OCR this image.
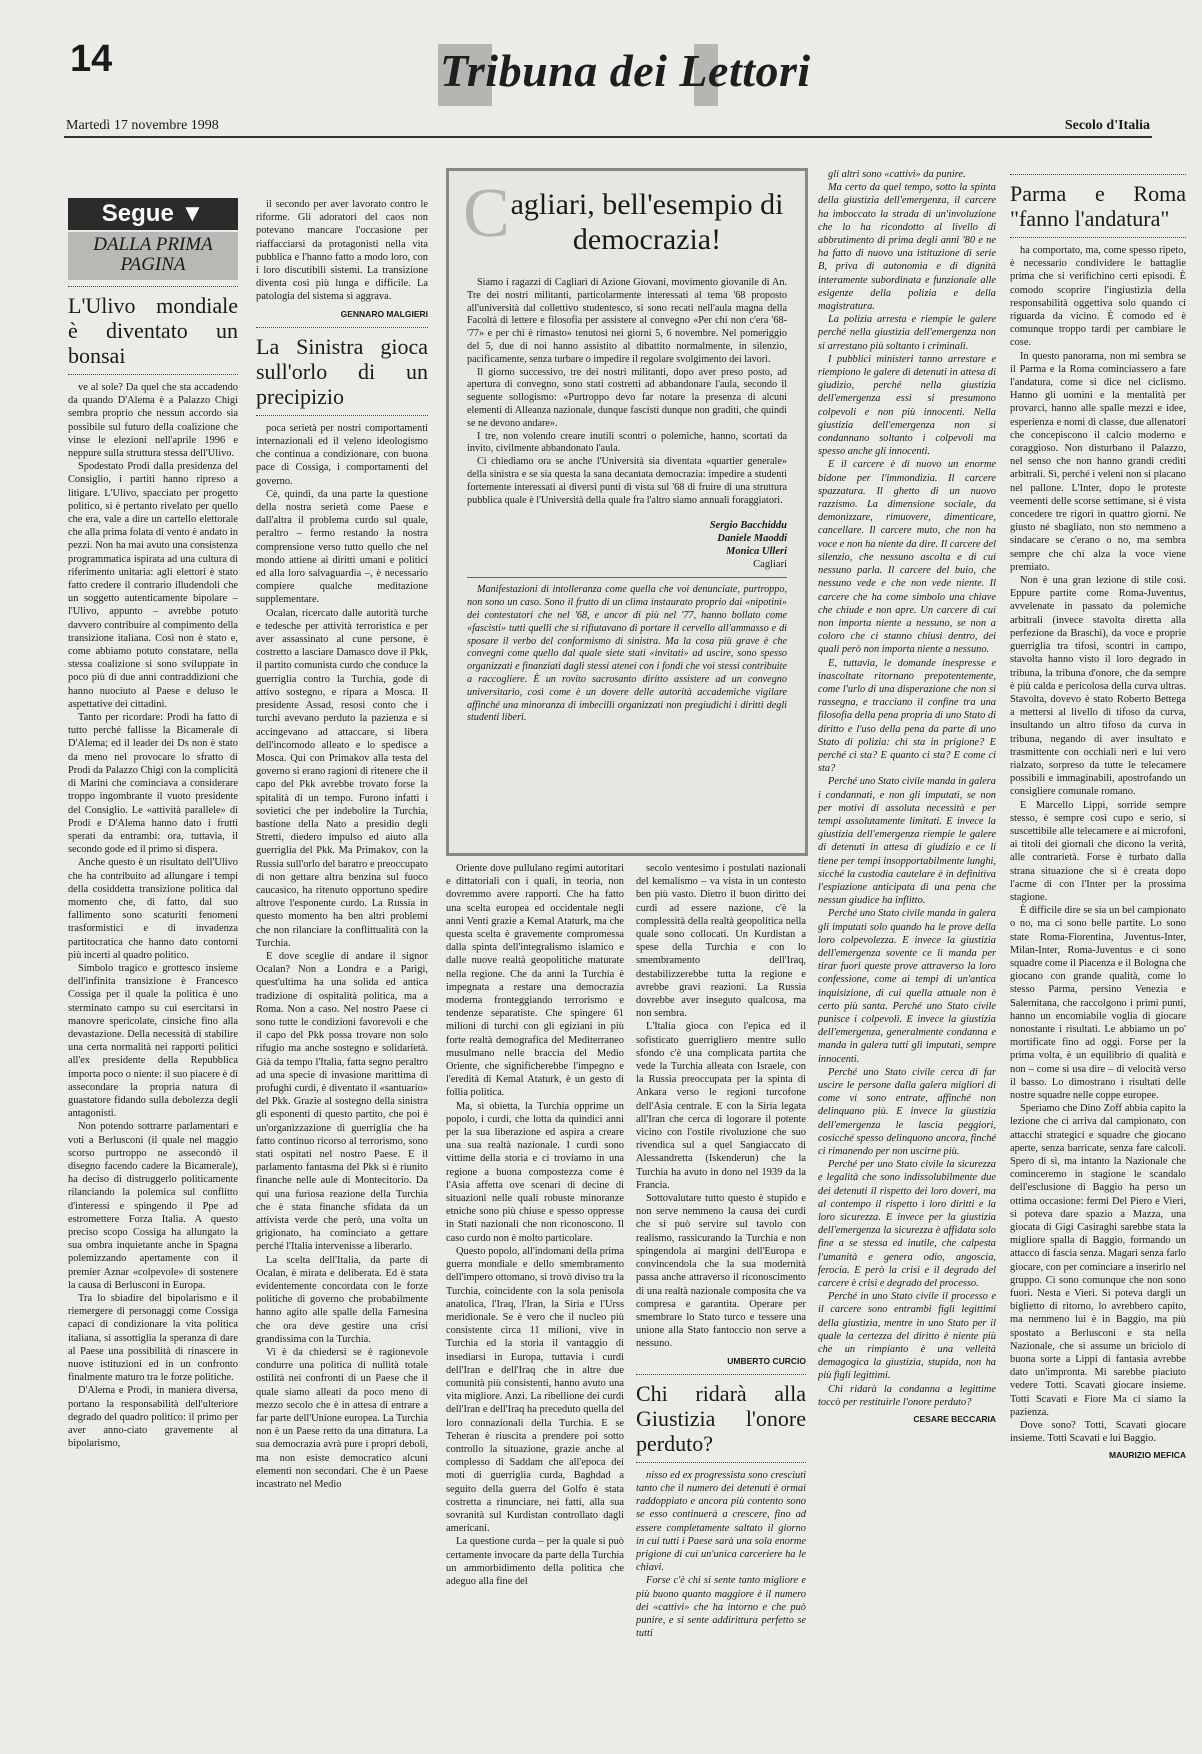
14	Tribuna dei Lettori
Martedì 17 novembre 1998	Secolo d'Italia
Segue ▼
DALLA PRIMA PAGINA
L'Ulivo mondiale è diventato un bonsai

ve al sole? Da quel che sta accadendo da quando D'Alema è a Palazzo Chigi sembra proprio che nessun accordo sia possibile sul futuro della coalizione che vinse le elezioni nell'aprile 1996 e neppure sulla struttura stessa dell'Ulivo.

Spodestato Prodi dalla presidenza del Consiglio, i partiti hanno ripreso a litigare. L'Ulivo, spacciato per progetto politico, si è pertanto rivelato per quello che era, vale a dire un cartello elettorale che alla prima folata di vento è andato in pezzi. Non ha mai avuto una consistenza programmatica ispirata ad una cultura di riferimento unitaria: agli elettori è stato fatto credere il contrario illudendoli che un soggetto autenticamente bipolare – l'Ulivo, appunto – avrebbe potuto davvero contribuire al compimento della transizione italiana. Così non è stato e, come abbiamo potuto constatare, nella stessa coalizione si sono sviluppate in poco più di due anni contraddizioni che hanno nuociuto al Paese e deluso le aspettative dei cittadini.

Tanto per ricordare: Prodi ha fatto di tutto perché fallisse la Bicamerale di D'Alema; ed il leader dei Ds non è stato da meno nel provocare lo sfratto di Prodi da Palazzo Chigi con la complicità di Marini che cominciava a considerare troppo ingombrante il vuoto presidente del Consiglio. Le «attività parallele» di Prodi e D'Alema hanno dato i frutti sperati da entrambi: ora, tuttavia, il secondo gode ed il primo si dispera.

Anche questo è un risultato dell'Ulivo che ha contribuito ad allungare i tempi della cosiddetta transizione politica dal momento che, di fatto, dal suo fallimento sono scaturiti fenomeni trasformistici e di invadenza partitocratica che hanno dato contorni più incerti al quadro politico.

Simbolo tragico e grottesco insieme dell'infinita transizione è Francesco Cossiga per il quale la politica è uno sterminato campo su cui esercitarsi in manovre spericolate, cinsiche fino alla devastazione. Della necessità di stabilire una certa normalità nei rapporti politici all'ex presidente della Repubblica importa poco o niente: il suo piacere è di assecondare la propria natura di guastatore fidando sulla debolezza degli antagonisti.

Non potendo sottrarre parlamentari e voti a Berlusconi (il quale nel maggio scorso purtroppo ne assecondò il disegno facendo cadere la Bicamerale), ha deciso di distruggerlo politicamente rilanciando la polemica sul conflitto d'interessi e spingendo il Ppe ad estrometterе Forza Italia. A questo preciso scopo Cossiga ha allungato la sua ombra inquietante anche in Spagna polemizzando apertamente con il premier Aznar «colpevole» di sostenere la causa di Berlusconi in Europa.

Tra lo sbiadire del bipolarismo e il riemergere di personaggi come Cossiga capaci di condizionare la vita politica italiana, si assottiglia la speranza di dare al Paese una possibilità di rinascere in nuove istituzioni ed in un confronto finalmente maturo tra le forze politiche.

D'Alema e Prodi, in maniera diversa, portano la responsabilità dell'ulteriore degrado del quadro politico: il primo per aver anno-ciato gravemente al bipolarismo,

il secondo per aver lavorato contro le riforme. Gli adoratori del caos non potevano mancare l'occasione per riaffacciarsi da protagonisti nella vita pubblica e l'hanno fatto a modo loro, con i loro discutibili sistemi. La transizione diventa così più lunga e difficile. La patologia del sistema si aggrava.

GENNARO MALGIERI
La Sinistra gioca sull'orlo di un precipizio

poca serietà per nostri comportamenti internazionali ed il veleno ideologismo che continua a condizionare, con buona pace di Cossiga, i comportamenti del governo.

Cè, quindi, da una parte la questione della nostra serietà come Paese e dall'altra il problema curdo sul quale, peraltro – fermo restando la nostra comprensione verso tutto quello che nel mondo attiene ai diritti umani e politici ed alla loro salvaguardia –, è necessario compiere qualche meditazione supplementare.

Ocalan, ricercato dalle autorità turche e tedesche per attività terroristica e per aver assassinato al cune persone, è costretto a lasciare Damasco dove il Pkk, il partito comunista curdo che conduce la guerriglia contro la Turchia, gode di attivo sostegno, e ripara a Mosca. Il presidente Assad, resosi conto che i turchi avevano perduto la pazienza e si accingevano ad attaccare, si libera dell'incomodo alleato e lo spedisce a Mosca. Qui con Primakov alla testa del governo si erano ragioni di ritenere che il capo del Pkk avrebbe trovato forse la spitalità di un tempo. Furono infatti i sovietici che per indebolire la Turchia, bastione della Nato a presidio degli Stretti, diedero impulso ed aiuto alla guerriglia del Pkk. Ma Primakov, con la Russia sull'orlo del baratro e preoccupato di non gettare altra benzina sul fuoco caucasico, ha ritenuto opportuno spedire altrove l'esponente curdo. La Russia in questo momento ha ben altri problemi che non rilanciare la conflittualità con la Turchia.

E dove sceglie di andare il signor Ocalan? Non a Londra e a Parigi, quest'ultima ha una solida ed antica tradizione di ospitalità politica, ma a Roma. Non a caso. Nel nostro Paese ci sono tutte le condizioni favorevoli e che il capo del Pkk possa trovare non solo rifugio ma anche sostegno e solidarietà. Già da tempo l'Italia, fatta segno peraltro ad una specie di invasione marittima di profughi curdi, è diventato il «santuario» del Pkk. Grazie al sostegno della sinistra gli esponenti di questo partito, che poi è un'organizzazione di guerriglia che ha fatto continuo ricorso al terrorismo, sono stati ospitati nel nostro Paese. E il parlamento fantasma del Pkk si è riunito finanche nelle aule di Montecitorio. Da qui una furiosa reazione della Turchia che è stata finanche sfidata da un attivista verde che però, una volta un grigionato, ha cominciato a gettare perché l'Italia intervenisse a liberarlo.

La scelta dell'Italia, da parte di Ocalan, è mirata e deliberata. Ed è stata evidentemente concordata con le forze politiche di governo che probabilmente hanno agito alle spalle della Farnesina che ora deve gestire una crisi grandissima con la Turchia.

Vi è da chiedersi se è ragionevole condurre una politica di nullità totale ostilità nei confronti di un Paese che il quale siamo alleati da poco meno di mezzo secolo che è in attesa di entrare a far parte dell'Unione europea. La Turchia non è un Paese retto da una dittatura. La sua democrazia avrà pure i propri deboli, ma non esiste democratico alcuni elementi non secondari. Che è un Paese incastrato nel Medio

C agliari, bell'esempio di democrazia!

Siamo i ragazzi di Cagliari di Azione Giovani, movimento giovanile di An. Tre dei nostri militanti, particolarmente interessati al tema '68 proposto all'università dal collettivo studentesco, si sono recati nell'aula magna della Facoltà di lettere e filosofia per assistere al convegno «Per chi non c'era '68-'77» e per chi è rimasto» tenutosi nei giorni 5, 6 novembre. Nel pomeriggio del 5, due di noi hanno assistito al dibattito normalmente, in silenzio, pacificamente, senza turbare o impedire il regolare svolgimento dei lavori.

Il giorno successivo, tre dei nostri militanti, dopo aver preso posto, ad apertura di convegno, sono stati costretti ad abbandonare l'aula, secondo il seguente sollogismo: «Purtroppo devo far notare la presenza di alcuni elementi di Alleanza nazionale, dunque fascisti dunque non graditi, che quindi se ne devono andare».

I tre, non volendo creare inutili scontri o polemiche, hanno, scortati da invito, civilmente abbandonato l'aula.

Ci chiediamo ora se anche l'Università sia diventata «quartier generale» della sinistra e se sia questa la sana decantata democrazia: impedire a studenti fortemente interessati ai diversi punti di vista sul '68 di fruire di una struttura pubblica quale è l'Università della quale fra l'altro siamo annuali foraggiatori.

Sergio Bacchiddu
Daniele Maoddi
Monica Ulleri
Cagliari

Manifestazioni di intolleranza come quella che voi denunciate, purtroppo, non sono un caso. Sono il frutto di un clima instaurato proprio dai «nipotini» dei contestatori che nel '68, e ancor di più nel '77, hanno bollato come «fascisti» tutti quelli che si rifiutavano di portare il cervello all'ammasso e di sposare il verbo del conformismo di sinistra. Ma la cosa più grave è che convegni come quello dal quale siete stati «invitati» ad uscire, sono spesso organizzati e finanziati dagli stessi atenei con i fondi che voi stessi contribuite a raccogliere. È un rovito sacrosanto diritto assistere ad un convegno universitario, così come è un dovere delle autorità accademiche vigilare affinché una minoranza di imbecilli organizzati non pregiudichi i diritti degli studenti liberi.

Oriente dove pullulano regimi autoritari e dittatoriali con i quali, in teoria, non dovremmo avere rapporti. Che ha fatto una scelta europea ed occidentale negli anni Venti grazie a Kemal Ataturk, ma che questa scelta è gravemente compromessa dalla spinta dell'integralismo islamico e dalle nuove realtà geopolitiche maturate nella regione. Che da anni la Turchia è impegnata a restare una democrazia moderna fronteggiando terrorismo e tendenze separatiste. Che spingere 61 milioni di turchi con gli egiziani in più forte realtà demografica del Mediterraneo musulmano nelle braccia del Medio Oriente, che significherebbe l'impegno e l'eredità di Kemal Ataturk, è un gesto di follia politica.

Ma, si obietta, la Turchia opprime un popolo, i curdi, che lotta da quindici anni per la sua liberazione ed aspira a creare una sua realtà nazionale. I curdi sono vittime della storia e ci troviamo in una regione a buona compostezza come è l'Asia affetta ove scenari di decine di situazioni nelle quali robuste minoranze etniche sono più chiuse e spesso oppresse in Stati nazionali che non riconoscono. Il caso curdo non è molto particolare.

Questo popolo, all'indomani della prima guerra mondiale e dello smembramento dell'impero ottomano, si trovò diviso tra la Turchia, coincidente con la sola penisola anatolica, l'Iraq, l'Iran, la Siria e l'Urss meridionale. Se è vero che il nucleo più consistente circa 11 milioni, vive in Turchia ed la storia il vantaggio di insediarsi in Europa, tuttavia i curdi dell'Iran e dell'Iraq che in altre due comunità più consistenti, hanno avuto una vita migliore. Anzi. La ribellione dei curdi dell'Iran e dell'Iraq ha preceduto quella del loro connazionali della Turchia. E se Teheran è riuscita a prendere poi sotto controllo la situazione, grazie anche al complesso di Saddam che all'epoca dei moti di guerriglia curda, Baghdad a seguito della guerra del Golfo è stata costretta a rinunciare, nei fatti, alla sua sovranità sul Kurdistan controllato dagli americani.

La questione curda – per la quale si può certamente invocare da parte della Turchia un ammorbidimento della politica che adeguo alla fine del

secolo ventesimo i postulati nazionali del kemalismo – va vista in un contesto ben più vasto. Dietro il buon diritto dei curdi ad essere nazione, c'è la complessità della realtà geopolitica nella quale sono collocati. Un Kurdistan a spese della Turchia e con lo smembramento dell'Iraq, destabilizzerebbe tutta la regione e avrebbe gravi reazioni. La Russia dovrebbe aver inseguto qualcosa, ma non sembra.

L'Italia gioca con l'epica ed il sofisticato guerrigliero mentre sullo sfondo c'è una complicata partita che vede la Turchia alleata con Israele, con la Russia preoccupata per la spinta di Ankara verso le regioni turcofone dell'Asia centrale. E con la Siria legata all'Iran che cerca di logorare il potente vicino con l'ostile rivoluzione che suo rivendica sul a quel Sangiaccato di Alessandretta (Iskenderun) che la Turchia ha avuto in dono nel 1939 da la Francia.

Sottovalutare tutto questo è stupido e non serve nemmeno la causa dei curdi che si può servire sul tavolo con realismo, rassicurando la Turchia e non spingendola ai margini dell'Europa e convincendola che la sua modernità passa anche attraverso il riconoscimento di una realtà nazionale composita che va compresa e garantita. Operare per smembrare lo Stato turco e tessere una unione alla Stato fantoccio non serve a nessuno.

UMBERTO CURCIO
Chi ridarà alla Giustizia l'onore perduto?

nisso ed ex progressista sono cresciuti tanto che il numero dei detenuti è ormai raddoppiato e ancora più contento sono se esso continuerà a crescere, fino ad essere completamente saltato il giorno in cui tutti i Paese sarà una sola enorme prigione di cui un'unica carceriere ha le chiavi.

Forse c'è chi si sente tanto migliore e più buono quanto maggiore è il numero dei «cattivi» che ha intorno e che può punire, e si sente addirittura perfetto se tutti

gli altri sono «cattivi» da punire.

Ma certo da quel tempo, sotto la spinta della giustizia dell'emergenza, il carcere ha imboccato la strada di un'involuzione che lo ha ricondotto al livello di abbrutimento di prima degli anni '80 e ne ha fatto di nuovo una istituzione di serie B, priva di autonomia e di dignità interamente subordinata e funzionale alle esigenze della polizia e della magistratura.

La polizia arresta e riempie le galere perché nella giustizia dell'emergenza non si arrestano più soltanto i criminali.

I pubblici ministeri tanno arrestare e riempiono le galere di detenuti in attesa di giudizio, perché nella giustizia dell'emergenza essi si presumono colpevoli e non più innocenti. Nella giustizia dell'emergenza non si condannano soltanto i colpevoli ma spesso anche gli innocenti.

E il carcere è di nuovo un enorme bidone per l'immondizia. Il carcere spazzatura. Il ghetto di un nuovo razzismo. La dimensione sociale, da demonizzare, rimuovere, dimenticare, cancellare. Il carcere muto, che non ha voce e non ha niente da dire. Il carcere del silenzio, che nessuno ascolta e di cui nessuno parla. Il carcere del buio, che nessuno vede e che non vede niente. Il carcere che ha come simbolo una chiave che chiude e non apre. Un carcere di cui non importa niente a nessuno, se non a coloro che ci stanno chiusi dentro, dei quali però non importa niente a nessuno.

E, tuttavia, le domande inespresse e inascoltate ritornano prepotentemente, come l'urlo di una disperazione che non si rassegna, e tracciano il confine tra una filosofia della pena propria di uno Stato di diritto e l'uso della pena da parte di uno Stato di polizia: chi sta in prigione? E perché ci sta? E quanto ci sta? E come ci sta?

Perché uno Stato civile manda in galera i condannati, e non gli imputati, se non per motivi di assoluta necessità e per tempi assolutamente limitati. E invece la giustizia dell'emergenza riempie le galere di detenuti in attesa di giudizio e ce li tiene per tempi insopportabilmente lunghi, sicché la custodia cautelare è in definitiva l'espiazione anticipata di una pena che nessun giudice ha inflitto.

Perché uno Stato civile manda in galera gli imputati solo quando ha le prove della loro colpevolezza. E invece la giustizia dell'emergenza sovente ce li manda per tirar fuori queste prove attraverso la loro confessione, come ai tempi di un'antica inquisizione, di cui quella attuale non è certo più santa. Perché uno Stato civile punisce i colpevoli. E invece la giustizia dell'emergenza, generalmente condanna e manda in galera tutti gli imputati, sempre innocenti.

Perché uno Stato civile cerca di far uscire le persone dalla galera migliori di come vi sono entrate, affinché non delinquano più. E invece la giustizia dell'emergenza le lascia peggiori, cosicché spesso delinquono ancora, finché ci rimanendo per non uscirne più.

Perché per uno Stato civile la sicurezza e legalità che sono indissolubilmente due dei detenuti il rispetto dei loro doveri, ma al contempo il rispetto i loro diritti e la loro sicurezza. E invece per la giustizia dell'emergenza la sicurezza è affidata solo fine a se stessa ed inutile, che calpesta l'umanità e genera odio, angoscia, ferocia. E però la crisi e il degrado del carcere è crisi e degrado del processo.

Perché in uno Stato civile il processo e il carcere sono entrambi figli legittimi della giustizia, mentre in uno Stato per il quale la certezza del diritto è niente più che un rimpianto è una velleità demagogica la giustizia, stupida, non ha più figli legittimi.

Chi ridarà la condanna a legittime toccò per restituirle l'onore perduto?

CESARE BECCARIA
Parma e Roma "fanno l'andatura"

ha comportato, ma, come spesso ripeto, è necessario condividere le battaglie prima che si verifichino certi episodi. È comodo scoprire l'ingiustizia della responsabilità oggettiva solo quando ci riguarda da vicino. È comodo ed è comunque troppo tardi per cambiare le cose.

In questo panorama, non mi sembra se il Parma e la Roma cominciassero a fare l'andatura, come si dice nel ciclismo. Hanno gli uomini e la mentalità per provarci, hanno alle spalle mezzi e idee, esperienza e nomi di classe, due allenatori che concepiscono il calcio moderno e coraggioso. Non disturbano il Palazzo, nel senso che non hanno grandi crediti arbitrali. Sì, perché i veleni non si placano nel pallone. L'Inter, dopo le proteste veementi delle scorse settimane, si è vista concedere tre rigori in quattro giorni. Ne giusto né sbagliato, non sto nemmeno a sindacare se c'erano o no, ma sembra sempre che chi alza la voce viene premiato.

Non è una gran lezione di stile così. Eppure partite come Roma-Juventus, avvelenate in passato da polemiche arbitrali (invece stavolta diretta alla perfezione da Braschi), da voce e proprie guerriglia tra tifosi, scontri in campo, stavolta hanno visto il loro degrado in tribuna, la tribuna d'onore, che da sempre è più calda e pericolosa della curva ultras. Stavolta, dovevo è stato Roberto Bettega a mettersi al livello di tifoso da curva, insultando un altro tifoso da curva in tribuna, negando di aver insultato e trasmittente con occhiali neri e lui vero rialzato, sorpreso da tutte le telecamere possibili e immaginabili, apostrofando un consigliere comunale romano.

E Marcello Lippi, sorride sempre stesso, è sempre così cupo e serio, si suscettibile alle telecamere e ai microfoni, ai titoli dei giornali che dicono la verità, alle contrarietà. Forse è turbato dalla strana situazione che si è creata dopo l'acme di con l'Inter per la prossima stagione.

È difficile dire se sia un bel campionato o no, ma ci sono belle partite. Lo sono state Roma-Fiorentina, Juventus-Inter, Milan-Inter, Roma-Juventus e ci sono squadre come il Piacenza e il Bologna che giocano con grande qualità, come lo stesso Parma, persino Venezia e Salernitana, che raccolgono i primi punti, hanno un encomiabile voglia di giocare nonostante i risultati. Le abbiamo un po' mortificate fino ad oggi. Forse per la prima volta, è un equilibrio di qualità e non – come si usa dire – di velocità verso il basso. Lo dimostrano i risultati delle nostre squadre nelle coppe europee.

Speriamo che Dino Zoff abbia capito la lezione che ci arriva dal campionato, con attacchi strategici e squadre che giocano aperte, senza barricate, senza fare calcoli. Spero di sì, ma intanto la Nazionale che cominceremo in stagione le scandalo dell'esclusione di Baggio ha perso un ottima occasione: fermi Del Piero e Vieri, si poteva dare spazio a Mazza, una giocata di Gigi Casiraghi sarebbe stata la migliore spalla di Baggio, formando un attacco di fascia senza. Magari senza farlo giocare, con per cominciare a inserirlo nel gruppo. Ci sono comunque che non sono fuori. Nesta e Vieri. Si poteva dargli un biglietto di ritorno, lo avrebbero capito, ma nemmeno lui è in Baggio, ma più spostato a Berlusconi e sta nella Nazionale, che si assume un briciolo di buona sorte a Lippi di fantasia avrebbe dato un'impronta. Mi sarebbe piaciuto vedere Totti. Scavati giocare insieme. Totti Scavati e Fiore Ma ci siamo la pazienza.

Dove sono? Totti, Scavati giocare insieme. Totti Scavati e lui Baggio.

MAURIZIO MEFICA
